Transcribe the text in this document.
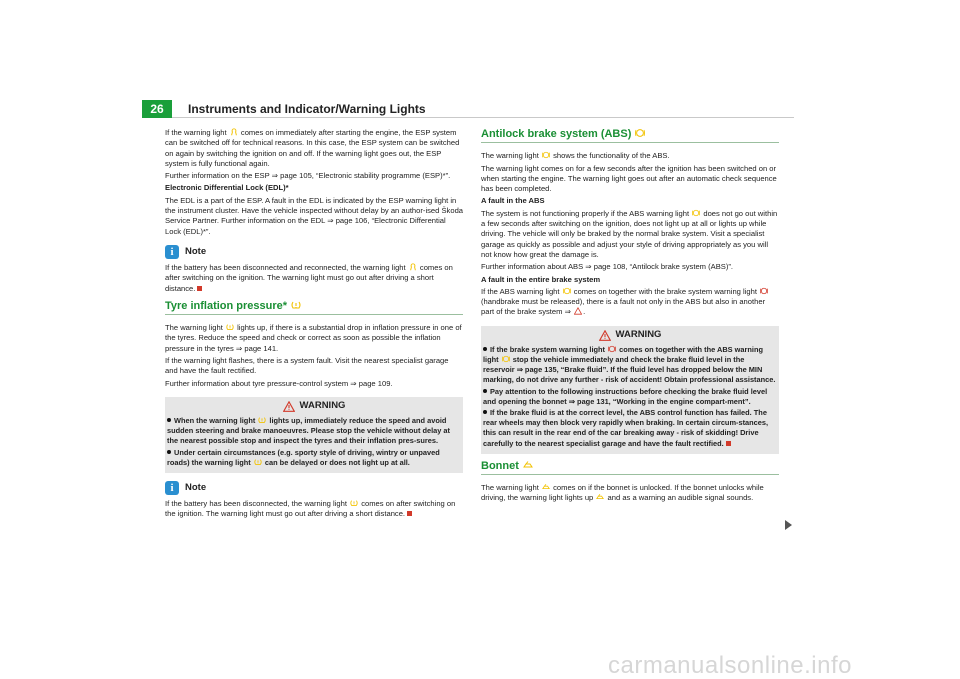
26	Instruments and Indicator/Warning Lights

If the warning light comes on immediately after starting the engine, the ESP system can be switched off for technical reasons. In this case, the ESP system can be switched on again by switching the ignition on and off. If the warning light goes out, the ESP system is fully functional again.

Further information on the ESP ⇒ page 105, “Electronic stability programme (ESP)*”.

Electronic Differential Lock (EDL)*

The EDL is a part of the ESP. A fault in the EDL is indicated by the ESP warning light in the instrument cluster. Have the vehicle inspected without delay by an author-ised Škoda Service Partner. Further information on the EDL ⇒ page 106, “Electronic Differential Lock (EDL)*”.

i	Note

If the battery has been disconnected and reconnected, the warning light comes on after switching on the ignition. The warning light must go out after driving a short distance.

Tyre inflation pressure*

The warning light lights up, if there is a substantial drop in inflation pressure in one of the tyres. Reduce the speed and check or correct as soon as possible the inflation pressure in the tyres ⇒ page 141.

If the warning light flashes, there is a system fault. Visit the nearest specialist garage and have the fault rectified.

Further information about tyre pressure-control system ⇒ page 109.

WARNING

When the warning light lights up, immediately reduce the speed and avoid sudden steering and brake manoeuvres. Please stop the vehicle without delay at the nearest possible stop and inspect the tyres and their inflation pres-sures.

Under certain circumstances (e.g. sporty style of driving, wintry or unpaved roads) the warning light can be delayed or does not light up at all.

i	Note

If the battery has been disconnected, the warning light comes on after switching on the ignition. The warning light must go out after driving a short distance.

Antilock brake system (ABS)

The warning light shows the functionality of the ABS.

The warning light comes on for a few seconds after the ignition has been switched on or when starting the engine. The warning light goes out after an automatic check sequence has been completed.

A fault in the ABS

The system is not functioning properly if the ABS warning light does not go out within a few seconds after switching on the ignition, does not light up at all or lights up while driving. The vehicle will only be braked by the normal brake system. Visit a specialist garage as quickly as possible and adjust your style of driving appropriately as you will not know how great the damage is.

Further information about ABS ⇒ page 108, “Antilock brake system (ABS)”.

A fault in the entire brake system

If the ABS warning light comes on together with the brake system warning light
(handbrake must be released), there is a fault not only in the ABS but also in another part of the brake system ⇒ .

WARNING

If the brake system warning light comes on together with the ABS warning light stop the vehicle immediately and check the brake fluid level in the reservoir ⇒ page 135, “Brake fluid”. If the fluid level has dropped below the MIN marking, do not drive any further - risk of accident! Obtain professional assistance.

Pay attention to the following instructions before checking the brake fluid level and opening the bonnet ⇒ page 131, “Working in the engine compart-ment”.

If the brake fluid is at the correct level, the ABS control function has failed. The rear wheels may then block very rapidly when braking. In certain circum-stances, this can result in the rear end of the car breaking away - risk of skidding! Drive carefully to the nearest specialist garage and have the fault rectified.

Bonnet

The warning light comes on if the bonnet is unlocked. If the bonnet unlocks while driving, the warning light lights up and as a warning an audible signal sounds.

carmanualsonline.info
